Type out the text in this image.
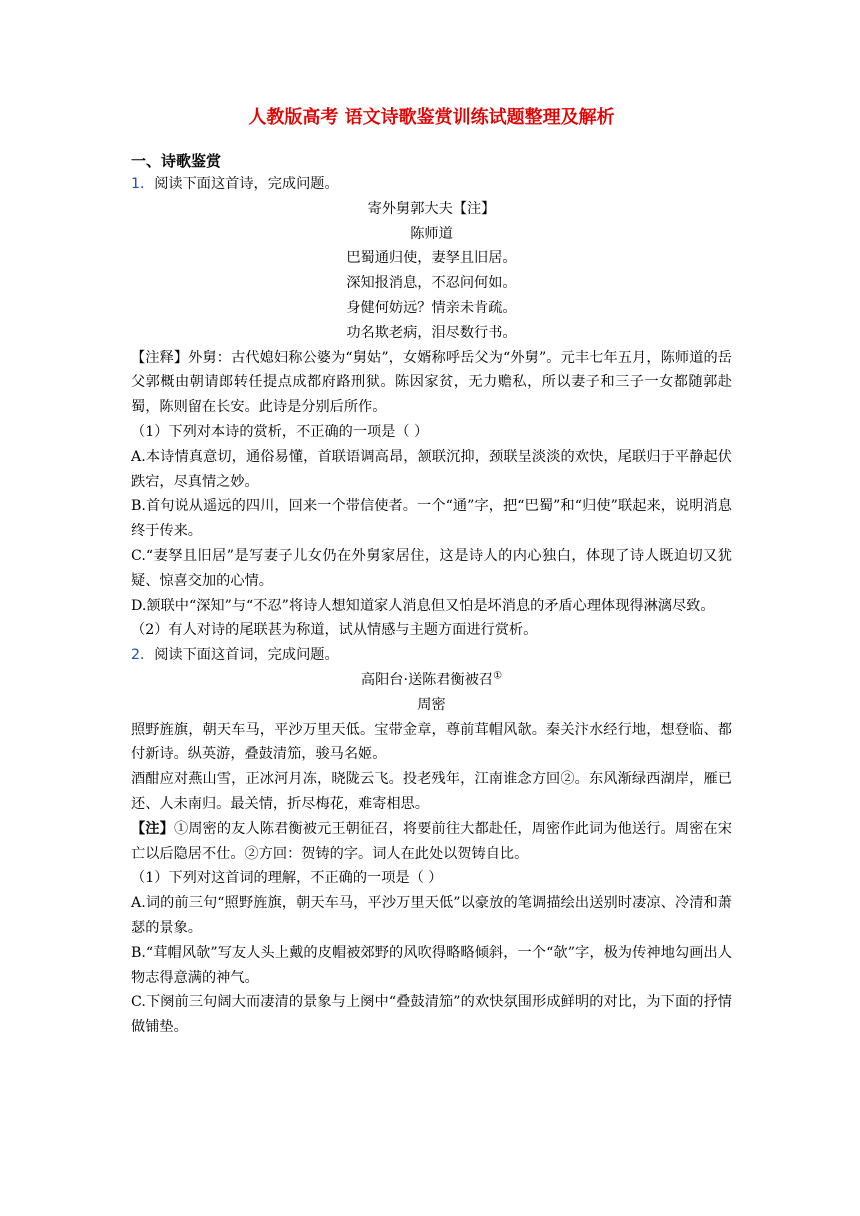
人教版高考 语文诗歌鉴赏训练试题整理及解析
一、诗歌鉴赏

1．阅读下面这首诗，完成问题。

寄外舅郭大夫【注】

陈师道

巴蜀通归使，妻孥且旧居。

深知报消息，不忍问何如。

身健何妨远？情亲未肯疏。

功名欺老病，泪尽数行书。

【注释】外舅：古代媳妇称公婆为“舅姑”，女婿称呼岳父为“外舅”。元丰七年五月，陈师道的岳父郭概由朝请郎转任提点成都府路刑狱。陈因家贫，无力赡私，所以妻子和三子一女都随郭赴蜀，陈则留在长安。此诗是分别后所作。

（1）下列对本诗的赏析，不正确的一项是（ ）

A.本诗情真意切，通俗易懂，首联语调高昂，颔联沉抑，颈联呈淡淡的欢快，尾联归于平静起伏跌宕，尽真情之妙。

B.首句说从遥远的四川，回来一个带信使者。一个“通”字，把“巴蜀”和“归使”联起来，说明消息终于传来。

C.“妻孥且旧居”是写妻子儿女仍在外舅家居住，这是诗人的内心独白，体现了诗人既迫切又犹疑、惊喜交加的心情。

D.颔联中“深知”与“不忍”将诗人想知道家人消息但又怕是坏消息的矛盾心理体现得淋漓尽致。

（2）有人对诗的尾联甚为称道，试从情感与主题方面进行赏析。

2．阅读下面这首词，完成问题。

高阳台·送陈君衡被召①

周密

照野旌旗，朝天车马，平沙万里天低。宝带金章，尊前茸帽风欹。秦关汴水经行地，想登临、都付新诗。纵英游，叠鼓清笳，骏马名姬。

酒酣应对燕山雪，正冰河月冻，晓陇云飞。投老残年，江南谁念方回②。东风渐绿西湖岸，雁已还、人未南归。最关情，折尽梅花，难寄相思。

【注】①周密的友人陈君衡被元王朝征召，将要前往大都赴任，周密作此词为他送行。周密在宋亡以后隐居不仕。②方回：贺铸的字。词人在此处以贺铸自比。

（1）下列对这首词的理解，不正确的一项是（ ）

A.词的前三句“照野旌旗，朝天车马，平沙万里天低”以豪放的笔调描绘出送别时凄凉、冷清和萧瑟的景象。

B.“茸帽风欹”写友人头上戴的皮帽被郊野的风吹得略略倾斜，一个“欹”字，极为传神地勾画出人物志得意满的神气。

C.下阕前三句阔大而凄清的景象与上阕中“叠鼓清笳”的欢快氛围形成鲜明的对比，为下面的抒情做铺垫。
